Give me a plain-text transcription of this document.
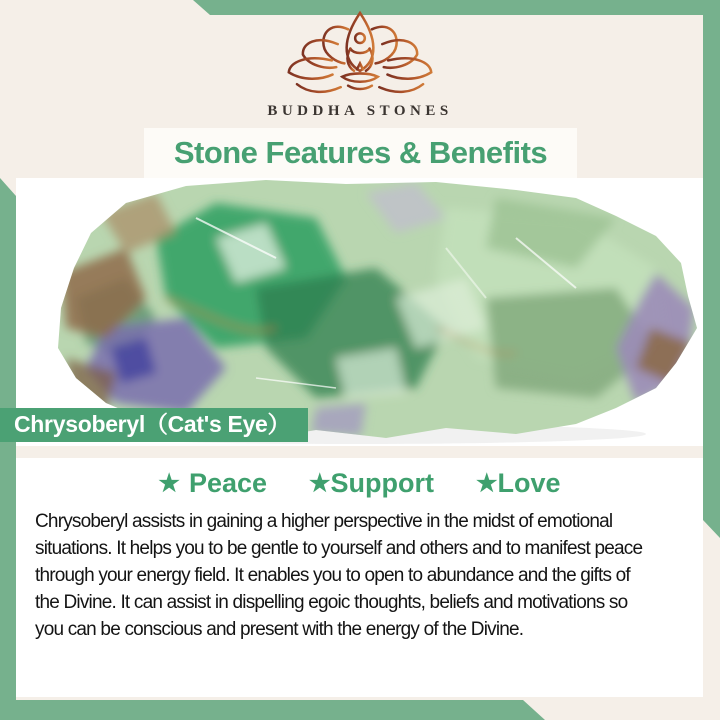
BUDDHA STONES
Stone Features & Benefits
Chrysoberyl（Cat's Eye）
★ Peace ★ Support ★ Love
Chrysoberyl assists in gaining a higher perspective in the midst of emotional
situations. It helps you to be gentle to yourself and others and to manifest peace
through your energy field. It enables you to open to abundance and the gifts of
the Divine. It can assist in dispelling egoic thoughts, beliefs and motivations so
you can be conscious and present with the energy of the Divine.
